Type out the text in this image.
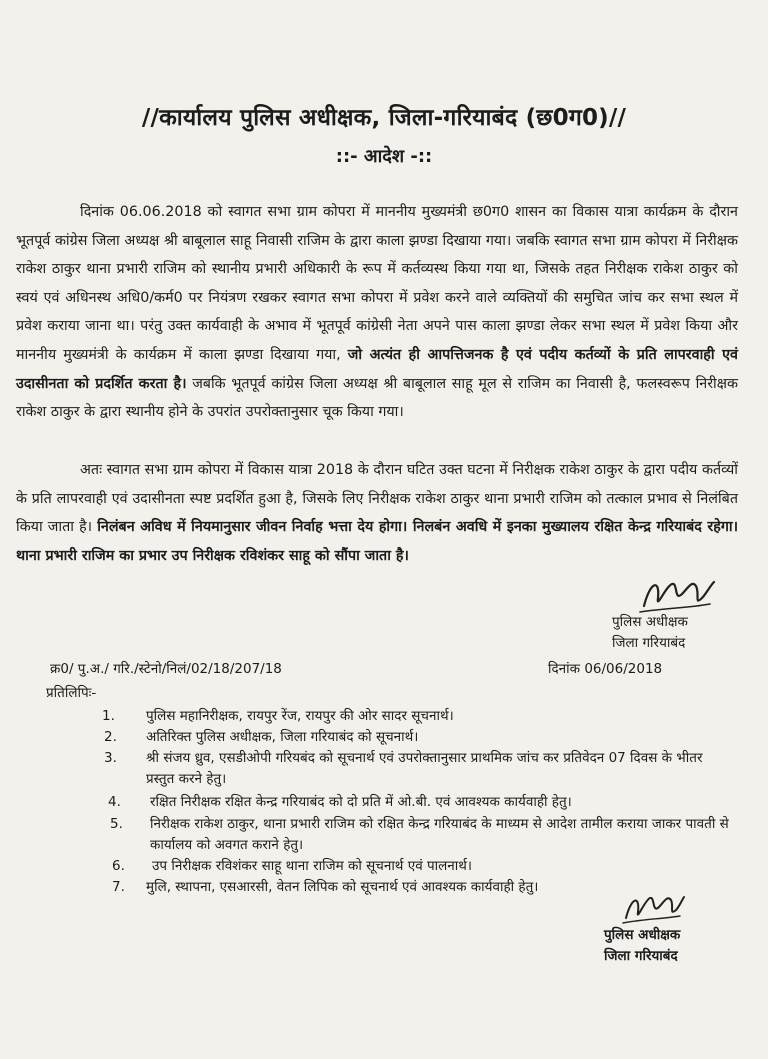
//कार्यालय पुलिस अधीक्षक, जिला-गरियाबंद (छ0ग0)//
::- आदेश -::
दिनांक 06.06.2018 को स्वागत सभा ग्राम कोपरा में माननीय मुख्यमंत्री छ0ग0 शासन का विकास यात्रा कार्यक्रम के दौरान भूतपूर्व कांग्रेस जिला अध्यक्ष श्री बाबूलाल साहू निवासी राजिम के द्वारा काला झण्डा दिखाया गया। जबकि स्वागत सभा ग्राम कोपरा में निरीक्षक राकेश ठाकुर थाना प्रभारी राजिम को स्थानीय प्रभारी अधिकारी के रूप में कर्तव्यस्थ किया गया था, जिसके तहत निरीक्षक राकेश ठाकुर को स्वयं एवं अधिनस्थ अधि0/कर्म0 पर नियंत्रण रखकर स्वागत सभा कोपरा में प्रवेश करने वाले व्यक्तियों की समुचित जांच कर सभा स्थल में प्रवेश कराया जाना था। परंतु उक्त कार्यवाही के अभाव में भूतपूर्व कांग्रेसी नेता अपने पास काला झण्डा लेकर सभा स्थल में प्रवेश किया और माननीय मुख्यमंत्री के कार्यक्रम में काला झण्डा दिखाया गया, जो अत्यंत ही आपत्तिजनक है एवं पदीय कर्तव्यों के प्रति लापरवाही एवं उदासीनता को प्रदर्शित करता है। जबकि भूतपूर्व कांग्रेस जिला अध्यक्ष श्री बाबूलाल साहू मूल से राजिम का निवासी है, फलस्वरूप निरीक्षक राकेश ठाकुर के द्वारा स्थानीय होने के उपरांत उपरोक्तानुसार चूक किया गया।
अतः स्वागत सभा ग्राम कोपरा में विकास यात्रा 2018 के दौरान घटित उक्त घटना में निरीक्षक राकेश ठाकुर के द्वारा पदीय कर्तव्यों के प्रति लापरवाही एवं उदासीनता स्पष्ट प्रदर्शित हुआ है, जिसके लिए निरीक्षक राकेश ठाकुर थाना प्रभारी राजिम को तत्काल प्रभाव से निलंबित किया जाता है। निलंबन अविध में नियमानुसार जीवन निर्वाह भत्ता देय होगा। निलबंन अवधि में इनका मुख्यालय रक्षित केन्द्र गरियाबंद रहेगा। थाना प्रभारी राजिम का प्रभार उप निरीक्षक रविशंकर साहू को सौंपा जाता है।
पुलिस अधीक्षक
जिला गरियाबंद
क्र0/ पु.अ./ गरि./स्टेनो/निलं/02/18/207/18	दिनांक 06/06/2018
प्रतिलिपिः-
1.	पुलिस महानिरीक्षक, रायपुर रेंज, रायपुर की ओर सादर सूचनार्थ।
2.	अतिरिक्त पुलिस अधीक्षक, जिला गरियाबंद को सूचनार्थ।
3.	श्री संजय ध्रुव, एसडीओपी गरियबंद को सूचनार्थ एवं उपरोक्तानुसार प्राथमिक जांच कर प्रतिवेदन 07 दिवस के भीतर प्रस्तुत करने हेतु।
4.	रक्षित निरीक्षक रक्षित केन्द्र गरियाबंद को दो प्रति में ओ.बी. एवं आवश्यक कार्यवाही हेतु।
5.	निरीक्षक राकेश ठाकुर, थाना प्रभारी राजिम को रक्षित केन्द्र गरियाबंद के माध्यम से आदेश तामील कराया जाकर पावती से कार्यालय को अवगत कराने हेतु।
6.	उप निरीक्षक रविशंकर साहू थाना राजिम को सूचनार्थ एवं पालनार्थ।
7.	मुलि, स्थापना, एसआरसी, वेतन लिपिक को सूचनार्थ एवं आवश्यक कार्यवाही हेतु।
पुलिस अधीक्षक
जिला गरियाबंद
